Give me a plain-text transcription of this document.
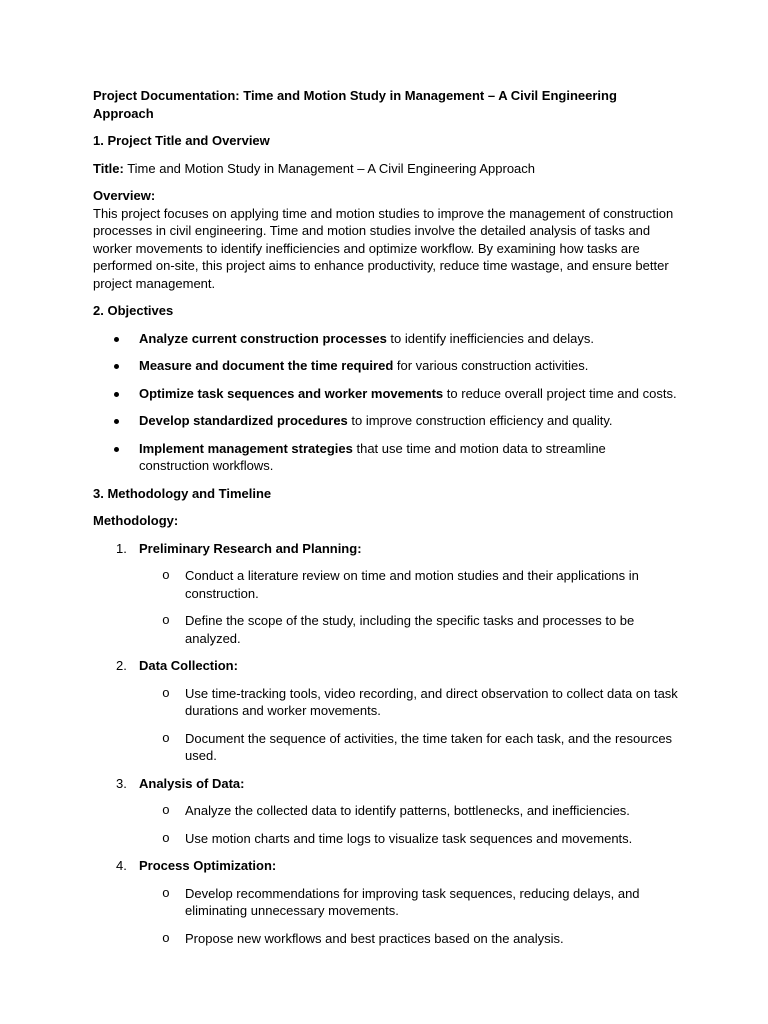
Project Documentation: Time and Motion Study in Management – A Civil Engineering Approach

1. Project Title and Overview

Title: Time and Motion Study in Management – A Civil Engineering Approach

Overview:

This project focuses on applying time and motion studies to improve the management of construction processes in civil engineering. Time and motion studies involve the detailed analysis of tasks and worker movements to identify inefficiencies and optimize workflow. By examining how tasks are performed on-site, this project aims to enhance productivity, reduce time wastage, and ensure better project management.

2. Objectives

Analyze current construction processes to identify inefficiencies and delays.
Measure and document the time required for various construction activities.
Optimize task sequences and worker movements to reduce overall project time and costs.
Develop standardized procedures to improve construction efficiency and quality.
Implement management strategies that use time and motion data to streamline construction workflows.

3. Methodology and Timeline

Methodology:

1. Preliminary Research and Planning:
o Conduct a literature review on time and motion studies and their applications in construction.
o Define the scope of the study, including the specific tasks and processes to be analyzed.
2. Data Collection:
o Use time-tracking tools, video recording, and direct observation to collect data on task durations and worker movements.
o Document the sequence of activities, the time taken for each task, and the resources used.
3. Analysis of Data:
o Analyze the collected data to identify patterns, bottlenecks, and inefficiencies.
o Use motion charts and time logs to visualize task sequences and movements.
4. Process Optimization:
o Develop recommendations for improving task sequences, reducing delays, and eliminating unnecessary movements.
o Propose new workflows and best practices based on the analysis.
